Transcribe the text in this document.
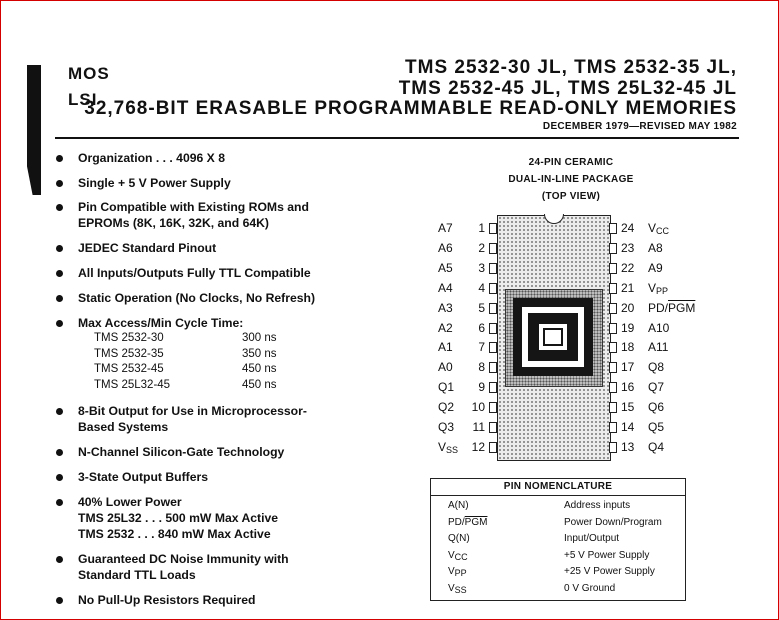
MOS
LSI
TMS 2532-30 JL, TMS 2532-35 JL,
TMS 2532-45 JL, TMS 25L32-45 JL
32,768-BIT ERASABLE PROGRAMMABLE READ-ONLY MEMORIES
DECEMBER 1979—REVISED MAY 1982
Organization . . . 4096 X 8
Single + 5 V Power Supply
Pin Compatible with Existing ROMs and
EPROMs (8K, 16K, 32K, and 64K)
JEDEC Standard Pinout
All Inputs/Outputs Fully TTL Compatible
Static Operation (No Clocks, No Refresh)
Max Access/Min Cycle Time:
TMS 2532-30	300 ns
TMS 2532-35	350 ns
TMS 2532-45	450 ns
TMS 25L32-45	450 ns
8-Bit Output for Use in Microprocessor-
Based Systems
N-Channel Silicon-Gate Technology
3-State Output Buffers
40% Lower Power
TMS 25L32 . . . 500 mW Max Active
TMS 2532 . . . 840 mW Max Active
Guaranteed DC Noise Immunity with
Standard TTL Loads
No Pull-Up Resistors Required
24-PIN CERAMIC
DUAL-IN-LINE PACKAGE
(TOP VIEW)
1
A7
2
A6
3
A5
4
A4
5
A3
6
A2
7
A1
8
A0
9
Q1
10
Q2
11
Q3
12
$V_{SS}$
24 $V_{CC}$
23 A8
22 A9
21 $V_{PP}$
20 $PD/\overline{PGM}$
19 A10
18 A11
17 Q8
16 Q7
15 Q6
14 Q5
13 Q4
PIN NOMENCLATURE
A(N)	Address inputs
$PD/\overline{PGM}$	Power Down/Program
Q(N)	Input/Output
$V_{CC}$	+5 V Power Supply
$V_{PP}$	+25 V Power Supply
$V_{SS}$	0 V Ground
